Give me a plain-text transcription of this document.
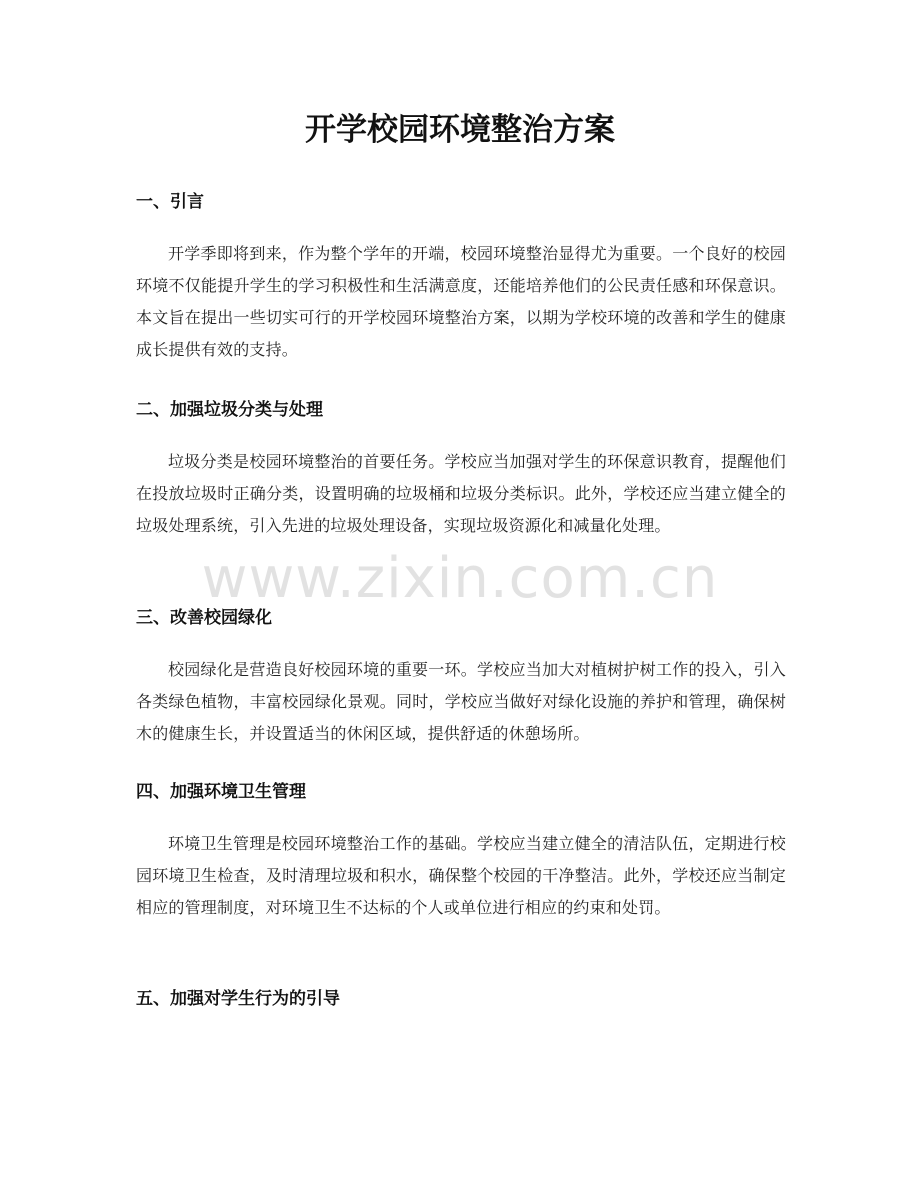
开学校园环境整治方案
一、引言

开学季即将到来，作为整个学年的开端，校园环境整治显得尤为重要。一个良好的校园环境不仅能提升学生的学习积极性和生活满意度，还能培养他们的公民责任感和环保意识。本文旨在提出一些切实可行的开学校园环境整治方案，以期为学校环境的改善和学生的健康成长提供有效的支持。

二、加强垃圾分类与处理

垃圾分类是校园环境整治的首要任务。学校应当加强对学生的环保意识教育，提醒他们在投放垃圾时正确分类，设置明确的垃圾桶和垃圾分类标识。此外，学校还应当建立健全的垃圾处理系统，引入先进的垃圾处理设备，实现垃圾资源化和减量化处理。

三、改善校园绿化

校园绿化是营造良好校园环境的重要一环。学校应当加大对植树护树工作的投入，引入各类绿色植物，丰富校园绿化景观。同时，学校应当做好对绿化设施的养护和管理，确保树木的健康生长，并设置适当的休闲区域，提供舒适的休憩场所。

四、加强环境卫生管理

环境卫生管理是校园环境整治工作的基础。学校应当建立健全的清洁队伍，定期进行校园环境卫生检查，及时清理垃圾和积水，确保整个校园的干净整洁。此外，学校还应当制定相应的管理制度，对环境卫生不达标的个人或单位进行相应的约束和处罚。

五、加强对学生行为的引导
www.zixin.com.cn
